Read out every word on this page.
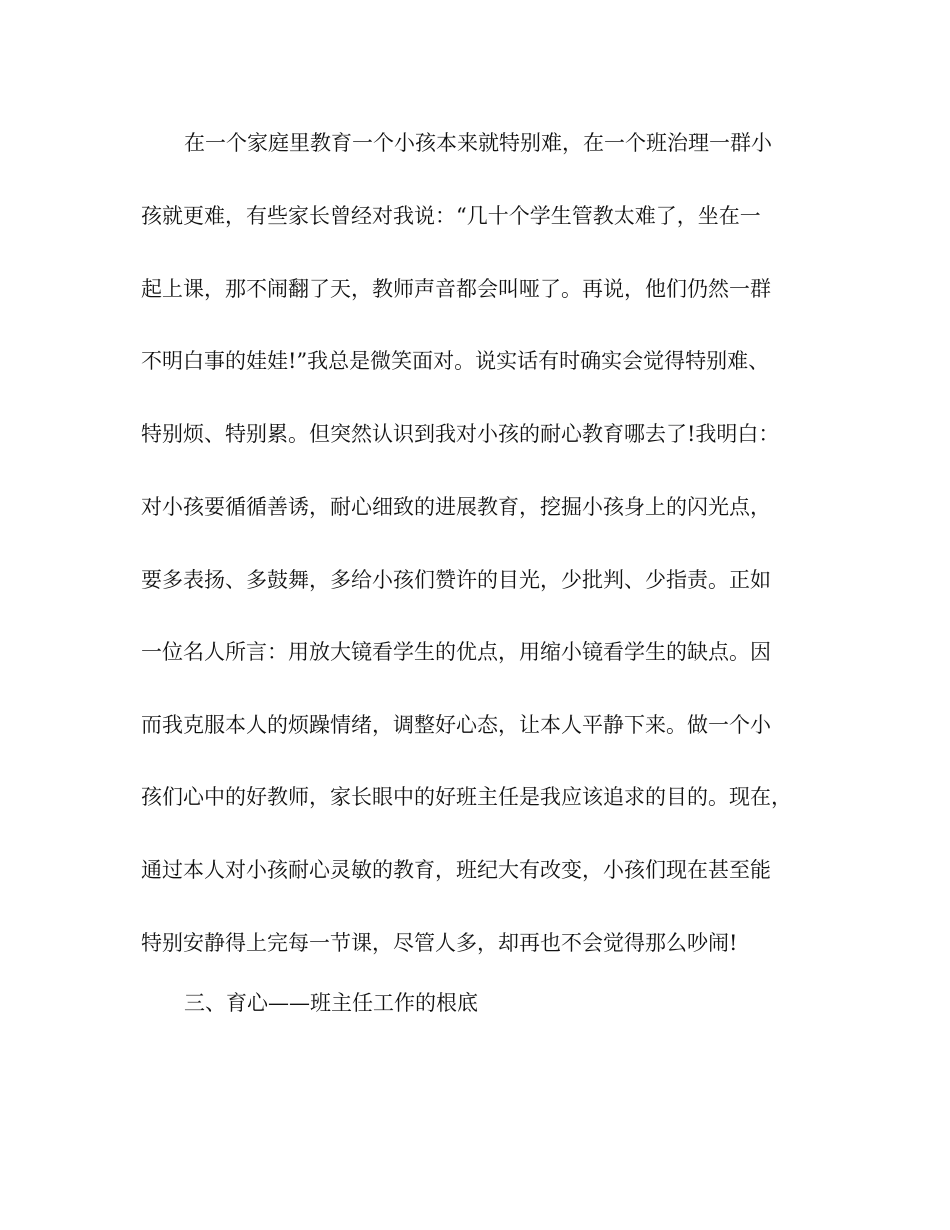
在一个家庭里教育一个小孩本来就特别难，在一个班治理一群小
孩就更难，有些家长曾经对我说：“几十个学生管教太难了，坐在一
起上课，那不闹翻了天，教师声音都会叫哑了。再说，他们仍然一群
不明白事的娃娃!”我总是微笑面对。说实话有时确实会觉得特别难、
特别烦、特别累。但突然认识到我对小孩的耐心教育哪去了!我明白：
对小孩要循循善诱，耐心细致的进展教育，挖掘小孩身上的闪光点，
要多表扬、多鼓舞，多给小孩们赞许的目光，少批判、少指责。正如
一位名人所言：用放大镜看学生的优点，用缩小镜看学生的缺点。因
而我克服本人的烦躁情绪，调整好心态，让本人平静下来。做一个小
孩们心中的好教师，家长眼中的好班主任是我应该追求的目的。现在，
通过本人对小孩耐心灵敏的教育，班纪大有改变，小孩们现在甚至能
特别安静得上完每一节课，尽管人多，却再也不会觉得那么吵闹!
三、育心——班主任工作的根底
